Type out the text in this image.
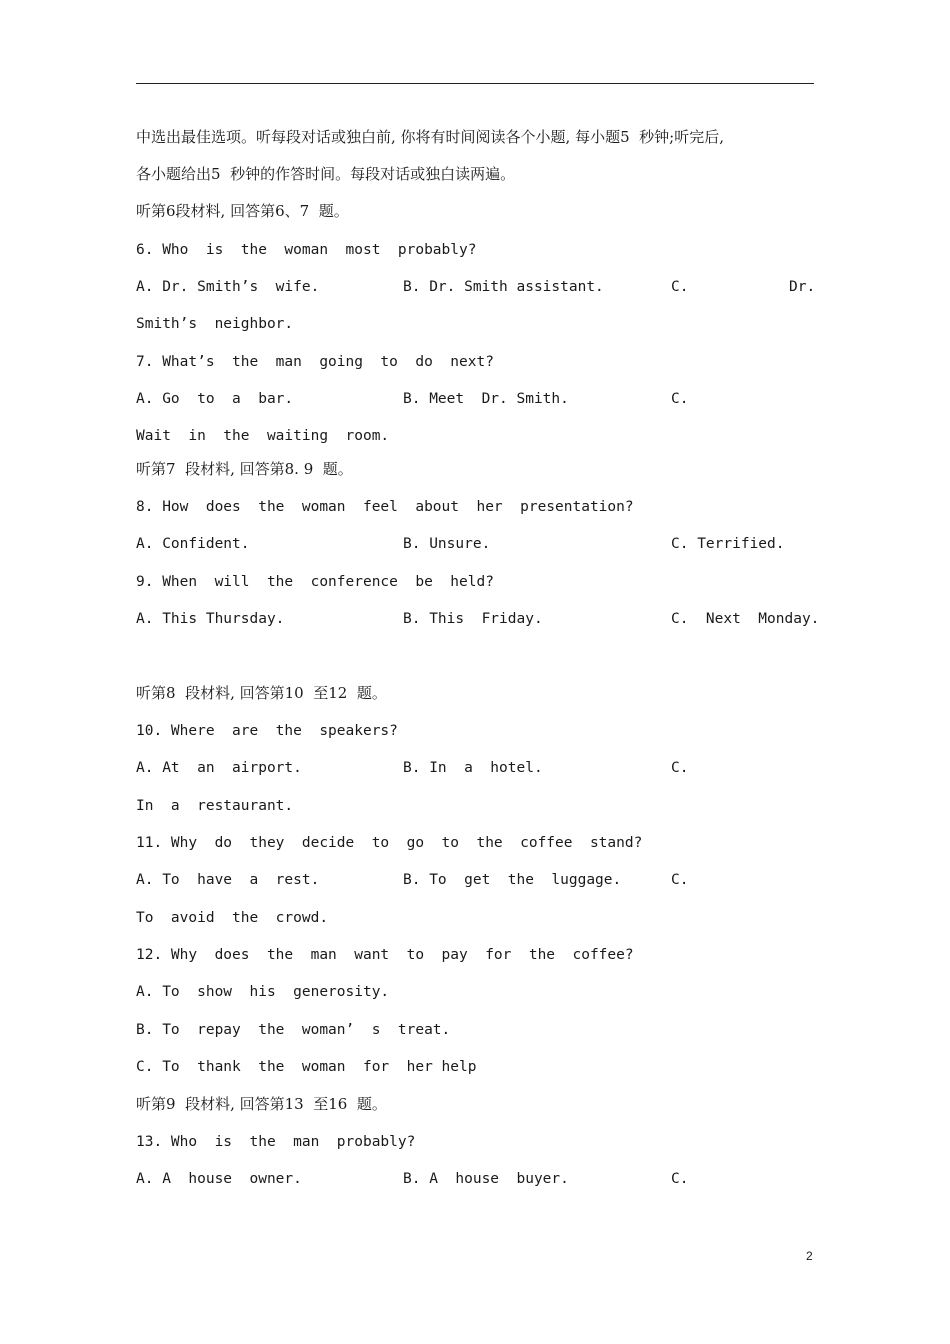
中选出最佳选项。听每段对话或独白前, 你将有时间阅读各个小题, 每小题5  秒钟;听完后,
各小题给出5  秒钟的作答时间。每段对话或独白读两遍。
听第6段材料, 回答第6、7  题。
6. Who  is  the  woman  most  probably?
A. Dr. Smith’s  wife.	B. Dr. Smith assistant.	C.	Dr.
Smith’s  neighbor.
7. What’s  the  man  going  to  do  next?
A. Go  to  a  bar.	B. Meet  Dr. Smith.	C.
Wait  in  the  waiting  room.
听第7  段材料, 回答第8. 9  题。
8. How  does  the  woman  feel  about  her  presentation?
A. Confident.	B. Unsure.	C. Terrified.
9. When  will  the  conference  be  held?
A. This Thursday.	B. This  Friday.	C.  Next  Monday.
听第8  段材料, 回答第10  至12  题。
10. Where  are  the  speakers?
A. At  an  airport.	B. In  a  hotel.	C.
In  a  restaurant.
11. Why  do  they  decide  to  go  to  the  coffee  stand?
A. To  have  a  rest.	B. To  get  the  luggage.	C.
To  avoid  the  crowd.
12. Why  does  the  man  want  to  pay  for  the  coffee?
A. To  show  his  generosity.
B. To  repay  the  woman’  s  treat.
C. To  thank  the  woman  for  her help
听第9  段材料, 回答第13  至16  题。
13. Who  is  the  man  probably?
A. A  house  owner.	B. A  house  buyer.	C.
2
